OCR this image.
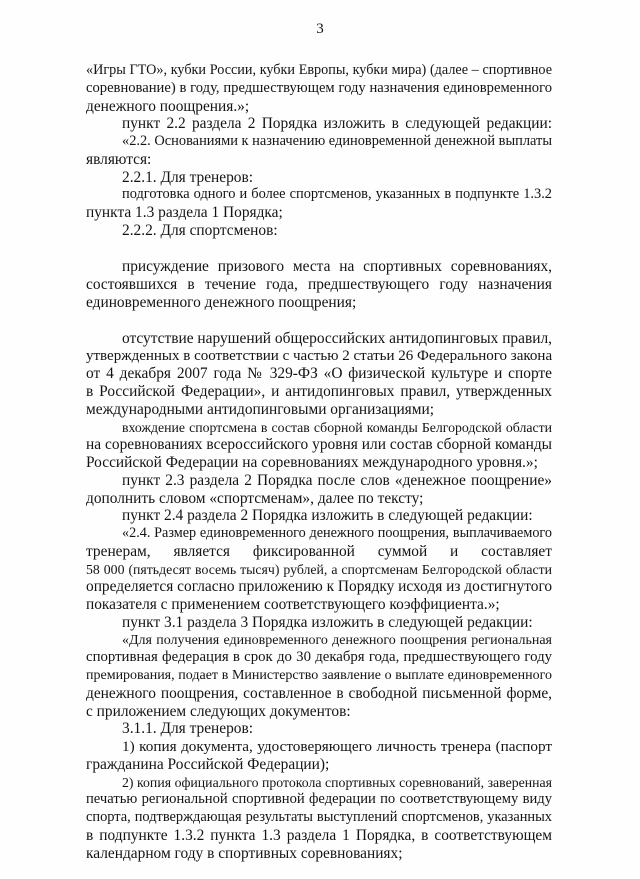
3
«Игры ГТО», кубки России, кубки Европы, кубки мира) (далее – спортивное
соревнование) в году, предшествующем году назначения единовременного
денежного поощрения.»;
пункт 2.2 раздела 2 Порядка изложить в следующей редакции:
«2.2. Основаниями к назначению единовременной денежной выплаты
являются:
2.2.1. Для тренеров:
подготовка одного и более спортсменов, указанных в подпункте 1.3.2
пункта 1.3 раздела 1 Порядка;
2.2.2. Для спортсменов:
присуждение призового места на спортивных соревнованиях,
состоявшихся в течение года, предшествующего году назначения
единовременного денежного поощрения;
отсутствие нарушений общероссийских антидопинговых правил,
утвержденных в соответствии с частью 2 статьи 26 Федерального закона
от 4 декабря 2007 года № 329-ФЗ «О физической культуре и спорте
в Российской Федерации», и антидопинговых правил, утвержденных
международными антидопинговыми организациями;
вхождение спортсмена в состав сборной команды Белгородской области
на соревнованиях всероссийского уровня или состав сборной команды
Российской Федерации на соревнованиях международного уровня.»;
пункт 2.3 раздела 2 Порядка после слов «денежное поощрение»
дополнить словом «спортсменам», далее по тексту;
пункт 2.4 раздела 2 Порядка изложить в следующей редакции:
«2.4. Размер единовременного денежного поощрения, выплачиваемого
тренерам, является фиксированной суммой и составляет
58 000 (пятьдесят восемь тысяч) рублей, а спортсменам Белгородской области
определяется согласно приложению к Порядку исходя из достигнутого
показателя с применением соответствующего коэффициента.»;
пункт 3.1 раздела 3 Порядка изложить в следующей редакции:
«Для получения единовременного денежного поощрения региональная
спортивная федерация в срок до 30 декабря года, предшествующего году
премирования, подает в Министерство заявление о выплате единовременного
денежного поощрения, составленное в свободной письменной форме,
с приложением следующих документов:
3.1.1. Для тренеров:
1) копия документа, удостоверяющего личность тренера (паспорт
гражданина Российской Федерации);
2) копия официального протокола спортивных соревнований, заверенная
печатью региональной спортивной федерации по соответствующему виду
спорта, подтверждающая результаты выступлений спортсменов, указанных
в подпункте 1.3.2 пункта 1.3 раздела 1 Порядка, в соответствующем
календарном году в спортивных соревнованиях;
